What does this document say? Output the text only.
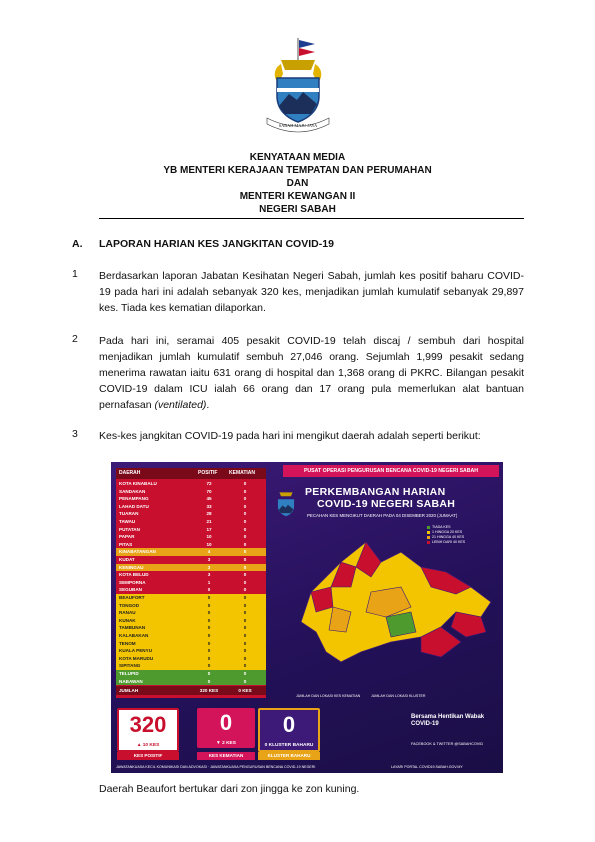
SABAH MAJU JAYA
KENYATAAN MEDIA
YB MENTERI KERAJAAN TEMPATAN DAN PERUMAHAN
DAN
MENTERI KEWANGAN II
NEGERI SABAH
A. LAPORAN HARIAN KES JANGKITAN COVID-19
1 Berdasarkan laporan Jabatan Kesihatan Negeri Sabah, jumlah kes positif baharu COVID-19 pada hari ini adalah sebanyak 320 kes, menjadikan jumlah kumulatif sebanyak 29,897 kes. Tiada kes kematian dilaporkan.
2 Pada hari ini, seramai 405 pesakit COVID-19 telah discaj / sembuh dari hospital menjadikan jumlah kumulatif sembuh 27,046 orang. Sejumlah 1,999 pesakit sedang menerima rawatan iaitu 631 orang di hospital dan 1,368 orang di PKRC. Bilangan pesakit COVID-19 dalam ICU ialah 66 orang dan 17 orang pula memerlukan alat bantuan pernafasan (ventilated).
3 Kes-kes jangkitan COVID-19 pada hari ini mengikut daerah adalah seperti berikut:
DAERAH	POSITIF KEMATIAN
KOTA KINABALU	72	0
SANDAKAN	70	0
PENAMPANG	45	0
LAHAD DATU	33	0
TUARAN	28	0
TAWAU	21	0
PUTATAN	17	0
PAPAR	10	0
PITAS	10	0
KINABATANGAN	4	0
KUDAT	3	0
KENINGAU	3	0
KOTA BELUD	3	0
SEMPORNA	1	0
SEGUBAN	0	0
BEAUFORT	0	0
TONGOD	0	0
RANAU	0	0
KUNAK	0	0
TAMBUNAN	0	0
KALABAKAN	0	0
TENOM	0	0
KUALA PENYU	0	0
KOTA MARUDU	0	0
SIPITANG	0	0
TELUPID	0	0
NABAWAN	0	0
JUMLAH	320 KES	0 KES
PUSAT OPERASI PENGURUSAN BENCANA COVID-19 NEGERI SABAH
PERKEMBANGAN HARIAN
COVID-19 NEGERI SABAH
PECAHAN KES MENGIKUT DAERAH PADA 04 DISEMBER 2020 (JUMAAT)
TIADA KES
1 HINGGA 20 KES
21 HINGGA 40 KES
LEBIH DARI 40 KES
JUMLAH DAN LOKASI KES KEMATIAN	JUMLAH DAN LOKASI KLUSTER
320
▲ 10 KES
0
▼ 2 KES
0
0 KLUSTER BAHARU
KES POSITIF	KES KEMATIAN	KLUSTER BAHARU
Bersama Hentikan Wabak COVID-19
FACEBOOK & TWITTER @SABAHCOVID
JAWATANKUASA KECIL KOMUNIKASI DAN ADVOKASI · JAWATANKUASA PENGURUSAN BENCANA COVID-19 NEGERI	LAYARI PORTAL COVID19.SABAH.GOV.MY
Daerah Beaufort bertukar dari zon jingga ke zon kuning.
